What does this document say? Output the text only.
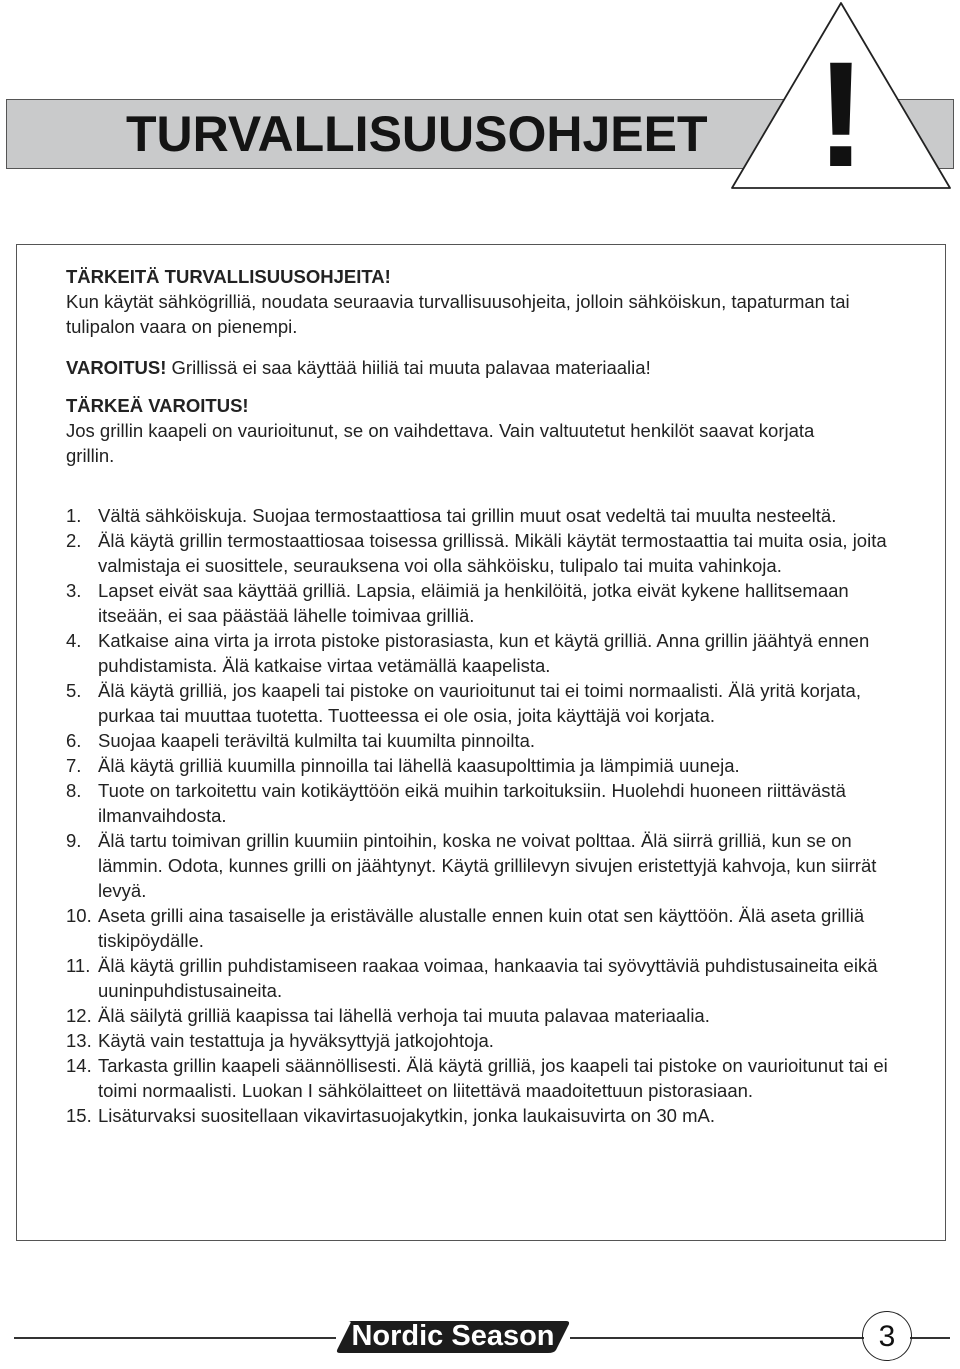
TURVALLISUUSOHJEET !
TÄRKEITÄ TURVALLISUUSOHJEITA!
Kun käytät sähkögrilliä, noudata seuraavia turvallisuusohjeita, jolloin sähköiskun, tapaturman tai tulipalon vaara on pienempi.
VAROITUS! Grillissä ei saa käyttää hiiliä tai muuta palavaa materiaalia!
TÄRKEÄ VAROITUS!
Jos grillin kaapeli on vaurioitunut, se on vaihdettava. Vain valtuutetut henkilöt saavat korjata grillin.
1. Vältä sähköiskuja. Suojaa termostaattiosa tai grillin muut osat vedeltä tai muulta nesteeltä.
2. Älä käytä grillin termostaattiosaa toisessa grillissä. Mikäli käytät termostaattia tai muita osia, joita valmistaja ei suosittele, seurauksena voi olla sähköisku, tulipalo tai muita vahinkoja.
3. Lapset eivät saa käyttää grilliä. Lapsia, eläimiä ja henkilöitä, jotka eivät kykene hallitsemaan itseään, ei saa päästää lähelle toimivaa grilliä.
4. Katkaise aina virta ja irrota pistoke pistorasiasta, kun et käytä grilliä. Anna grillin jäähtyä ennen puhdistamista. Älä katkaise virtaa vetämällä kaapelista.
5. Älä käytä grilliä, jos kaapeli tai pistoke on vaurioitunut tai ei toimi normaalisti. Älä yritä korjata, purkaa tai muuttaa tuotetta. Tuotteessa ei ole osia, joita käyttäjä voi korjata.
6. Suojaa kaapeli teräviltä kulmilta tai kuumilta pinnoilta.
7. Älä käytä grilliä kuumilla pinnoilla tai lähellä kaasupolttimia ja lämpimiä uuneja.
8. Tuote on tarkoitettu vain kotikäyttöön eikä muihin tarkoituksiin. Huolehdi huoneen riittävästä ilmanvaihdosta.
9. Älä tartu toimivan grillin kuumiin pintoihin, koska ne voivat polttaa. Älä siirrä grilliä, kun se on lämmin. Odota, kunnes grilli on jäähtynyt. Käytä grillilevyn sivujen eristettyjä kahvoja, kun siirrät levyä.
10. Aseta grilli aina tasaiselle ja eristävälle alustalle ennen kuin otat sen käyttöön. Älä aseta grilliä tiskipöydälle.
11. Älä käytä grillin puhdistamiseen raakaa voimaa, hankaavia tai syövyttäviä puhdistusaineita eikä uuninpuhdistusaineita.
12. Älä säilytä grilliä kaapissa tai lähellä verhoja tai muuta palavaa materiaalia.
13. Käytä vain testattuja ja hyväksyttyjä jatkojohtoja.
14. Tarkasta grillin kaapeli säännöllisesti. Älä käytä grilliä, jos kaapeli tai pistoke on vaurioitunut tai ei toimi normaalisti. Luokan I sähkölaitteet on liitettävä maadoitettuun pistorasiaan.
15. Lisäturvaksi suositellaan vikavirtasuojakytkin, jonka laukaisuvirta on 30 mA.
Nordic Season	3
